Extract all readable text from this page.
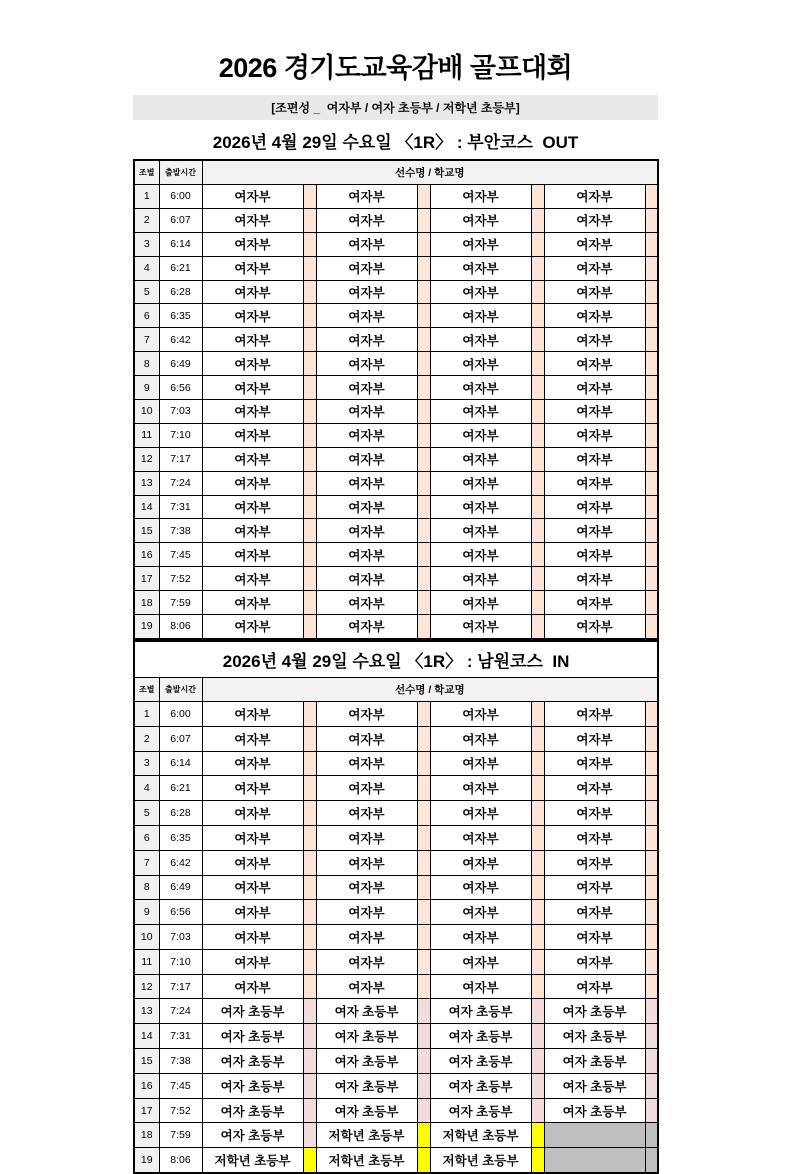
2026 경기도교육감배 골프대회
[조편성 _  여자부 / 여자 초등부 / 저학년 초등부]
2026년 4월 29일 수요일 〈1R〉 : 부안코스  OUT
조별	출발시간	선수명 / 학교명							
1	6:00	여자부		여자부		여자부		여자부	
2	6:07	여자부		여자부		여자부		여자부	
3	6:14	여자부		여자부		여자부		여자부	
4	6:21	여자부		여자부		여자부		여자부	
5	6:28	여자부		여자부		여자부		여자부	
6	6:35	여자부		여자부		여자부		여자부	
7	6:42	여자부		여자부		여자부		여자부	
8	6:49	여자부		여자부		여자부		여자부	
9	6:56	여자부		여자부		여자부		여자부	
10	7:03	여자부		여자부		여자부		여자부	
11	7:10	여자부		여자부		여자부		여자부	
12	7:17	여자부		여자부		여자부		여자부	
13	7:24	여자부		여자부		여자부		여자부	
14	7:31	여자부		여자부		여자부		여자부	
15	7:38	여자부		여자부		여자부		여자부	
16	7:45	여자부		여자부		여자부		여자부	
17	7:52	여자부		여자부		여자부		여자부	
18	7:59	여자부		여자부		여자부		여자부	
19	8:06	여자부		여자부		여자부		여자부	
2026년 4월 29일 수요일 〈1R〉 : 남원코스  IN									
조별	출발시간	선수명 / 학교명							
1	6:00	여자부		여자부		여자부		여자부	
2	6:07	여자부		여자부		여자부		여자부	
3	6:14	여자부		여자부		여자부		여자부	
4	6:21	여자부		여자부		여자부		여자부	
5	6:28	여자부		여자부		여자부		여자부	
6	6:35	여자부		여자부		여자부		여자부	
7	6:42	여자부		여자부		여자부		여자부	
8	6:49	여자부		여자부		여자부		여자부	
9	6:56	여자부		여자부		여자부		여자부	
10	7:03	여자부		여자부		여자부		여자부	
11	7:10	여자부		여자부		여자부		여자부	
12	7:17	여자부		여자부		여자부		여자부	
13	7:24	여자 초등부		여자 초등부		여자 초등부		여자 초등부	
14	7:31	여자 초등부		여자 초등부		여자 초등부		여자 초등부	
15	7:38	여자 초등부		여자 초등부		여자 초등부		여자 초등부	
16	7:45	여자 초등부		여자 초등부		여자 초등부		여자 초등부	
17	7:52	여자 초등부		여자 초등부		여자 초등부		여자 초등부	
18	7:59	여자 초등부		저학년 초등부		저학년 초등부			
19	8:06	저학년 초등부		저학년 초등부		저학년 초등부			
